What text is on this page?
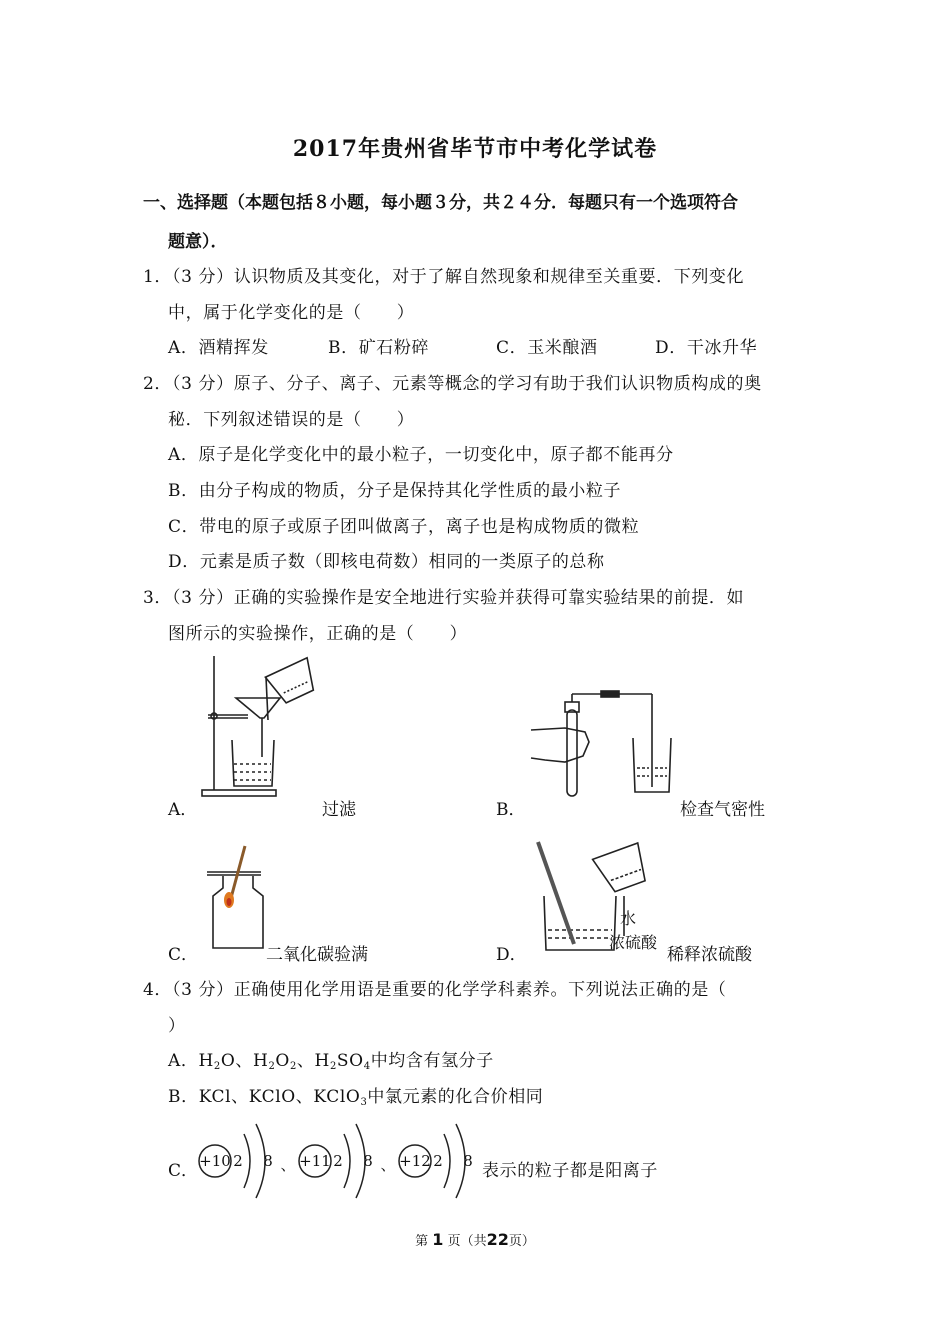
2017年贵州省毕节市中考化学试卷
一、选择题（本题包括８小题，每小题３分，共２４分．每题只有一个选项符合
题意）．
1．（3 分）认识物质及其变化，对于了解自然现象和规律至关重要．下列变化
中，属于化学变化的是（　　）
A．酒精挥发	B．矿石粉碎	C．玉米酿酒	D．干冰升华
2．（3 分）原子、分子、离子、元素等概念的学习有助于我们认识物质构成的奥
秘．下列叙述错误的是（　　）
A．原子是化学变化中的最小粒子，一切变化中，原子都不能再分
B．由分子构成的物质，分子是保持其化学性质的最小粒子
C．带电的原子或原子团叫做离子，离子也是构成物质的微粒
D．元素是质子数（即核电荷数）相同的一类原子的总称
3．（3 分）正确的实验操作是安全地进行实验并获得可靠实验结果的前提．如
图所示的实验操作，正确的是（　　）
A．	过滤	B．	检查气密性
C．	二氧化碳验满	D．
水
浓硫酸
稀释浓硫酸
4．（3 分）正确使用化学用语是重要的化学学科素养。下列说法正确的是（
）
A．$H_2O$、$H_2O_2$、$H_2SO_4$中均含有氢分子
B．KCl、KClO、KClO$_3$中氯元素的化合价相同
C． +10 2 8 、 +11 2 8 、 +12 2 8 表示的粒子都是阳离子
第 1 页（共22页）
